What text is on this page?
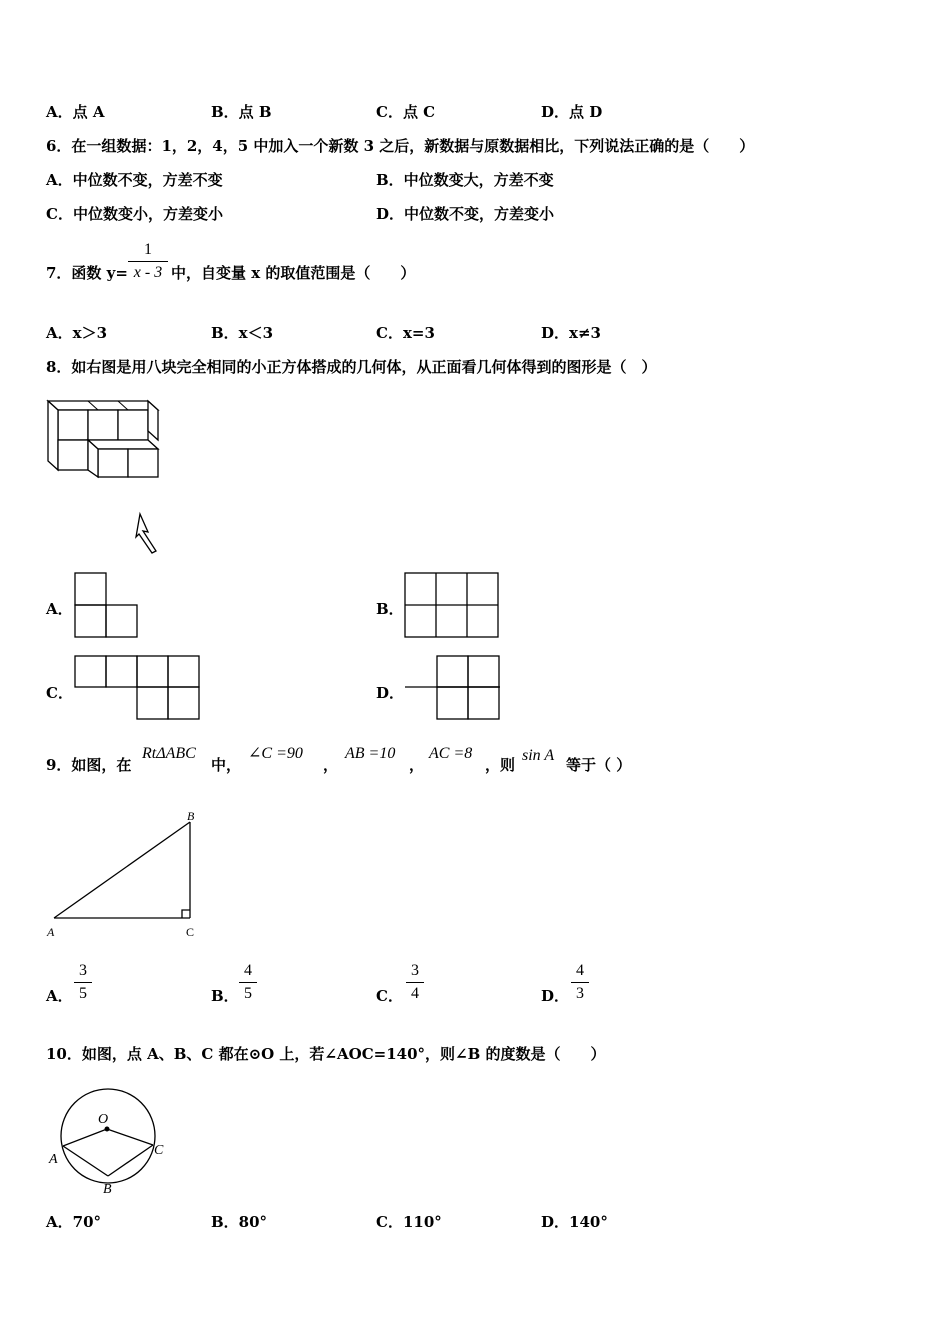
A．点 A	B．点 B	C．点 C	D．点 D
6．在一组数据：1，2，4，5 中加入一个新数 3 之后，新数据与原数据相比，下列说法正确的是（　　）
A．中位数不变，方差不变	B．中位数变大，方差不变
C．中位数变小，方差变小	D．中位数不变，方差变小
7．函数 y=
1
x - 3 中，自变量 x 的取值范围是（　　）
A．x＞3	B．x＜3	C．x=3	D．x≠3
8．如右图是用八块完全相同的小正方体搭成的几何体，从正面看几何体得到的图形是（　）
A．	B．
C．	D．
9．如图，在
RtΔABC
中，
∠C =90
，
AB =10
，
AC =8
，则
sin A
等于（ ）
B
A	C
A．
3
5	B．
4
5	C．
3
4	D．
4
3
10．如图，点 A、B、C 都在⊙O 上，若∠AOC=140°，则∠B 的度数是（　　）
O
A
C
B
A．70°	B．80°	C．110°	D．140°
